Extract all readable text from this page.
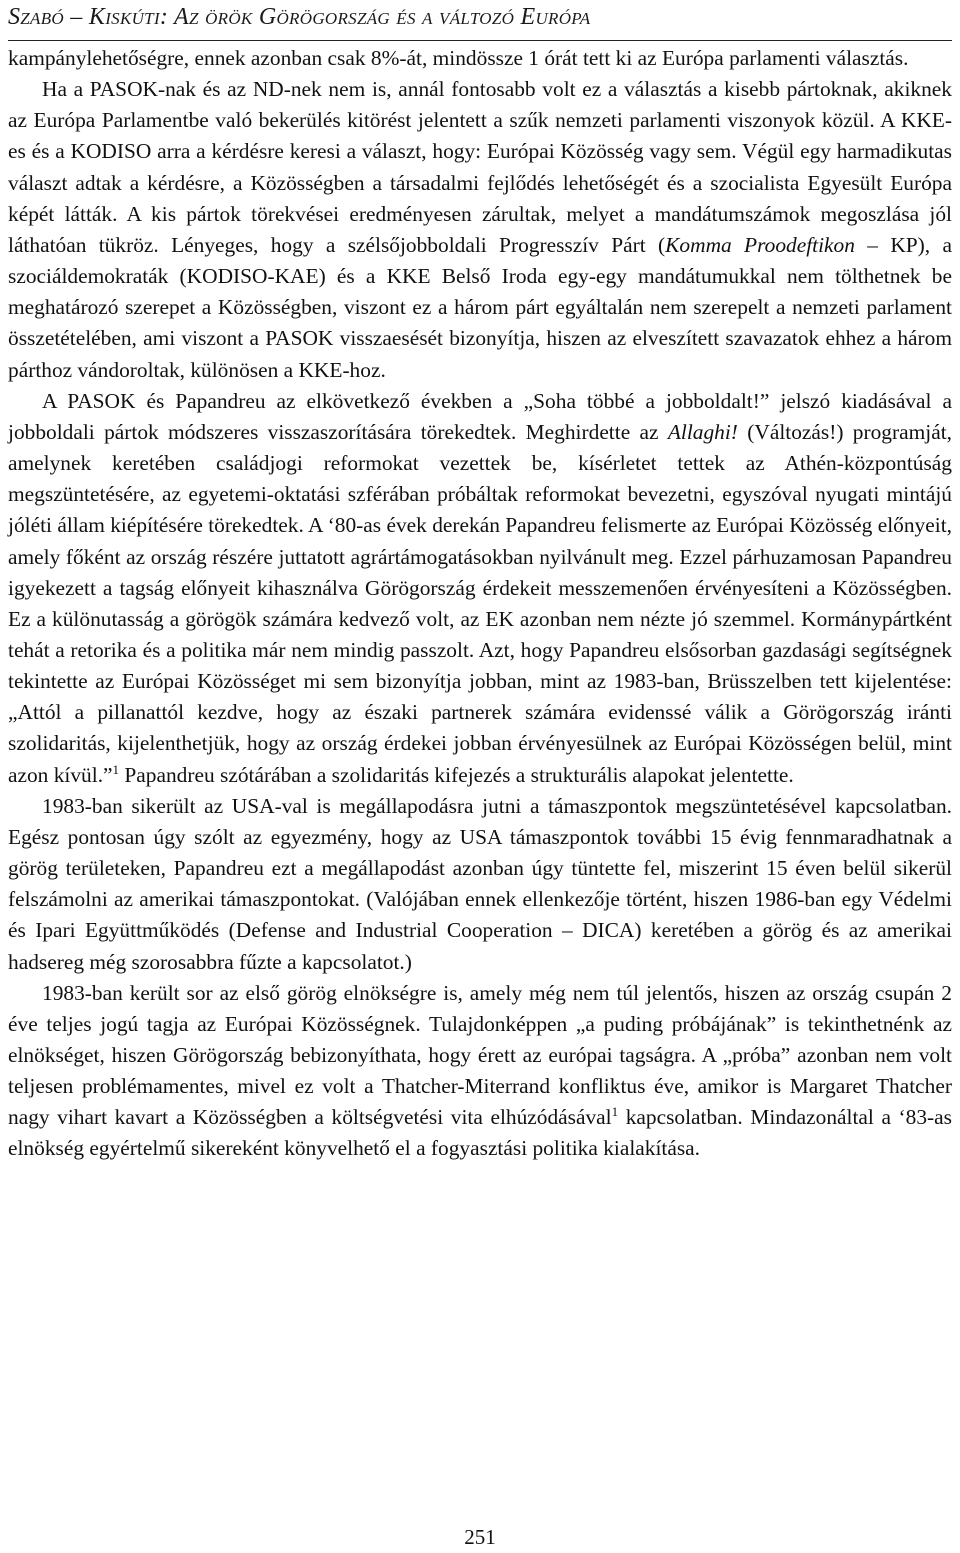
Szabó – Kiskúti: Az örök Görögország és a változó Európa

kampánylehetőségre, ennek azonban csak 8%-át, mindössze 1 órát tett ki az Európa parlamenti választás.

Ha a PASOK-nak és az ND-nek nem is, annál fontosabb volt ez a választás a kisebb pártoknak, akiknek az Európa Parlamentbe való bekerülés kitörést jelentett a szűk nemzeti parlamenti viszonyok közül. A KKE-es és a KODISO arra a kérdésre keresi a választ, hogy: Európai Közösség vagy sem. Végül egy harmadikutas választ adtak a kérdésre, a Közösségben a társadalmi fejlődés lehetőségét és a szocialista Egyesült Európa képét látták. A kis pártok törekvései eredményesen zárultak, melyet a mandátumszámok megoszlása jól láthatóan tükröz. Lényeges, hogy a szélsőjobboldali Progresszív Párt (Komma Proodeftikon – KP), a szociáldemokraták (KODISO-KAE) és a KKE Belső Iroda egy-egy mandátumukkal nem tölthetnek be meghatározó szerepet a Közösségben, viszont ez a három párt egyáltalán nem szerepelt a nemzeti parlament összetételében, ami viszont a PASOK visszaesését bizonyítja, hiszen az elveszített szavazatok ehhez a három párthoz vándoroltak, különösen a KKE-hoz.

A PASOK és Papandreu az elkövetkező években a „Soha többé a jobboldalt!” jelszó kiadásával a jobboldali pártok módszeres visszaszorítására törekedtek. Meghirdette az Allaghi! (Változás!) programját, amelynek keretében családjogi reformokat vezettek be, kísérletet tettek az Athén-központúság megszüntetésére, az egyetemi-oktatási szférában próbáltak reformokat bevezetni, egyszóval nyugati mintájú jóléti állam kiépítésére törekedtek. A ‘80-as évek derekán Papandreu felismerte az Európai Közösség előnyeit, amely főként az ország részére juttatott agrártámogatásokban nyilvánult meg. Ezzel párhuzamosan Papandreu igyekezett a tagság előnyeit kihasználva Görögország érdekeit messzemenően érvényesíteni a Közösségben. Ez a különutasság a görögök számára kedvező volt, az EK azonban nem nézte jó szemmel. Kormánypártként tehát a retorika és a politika már nem mindig passzolt. Azt, hogy Papandreu elsősorban gazdasági segítségnek tekintette az Európai Közösséget mi sem bizonyítja jobban, mint az 1983-ban, Brüsszelben tett kijelentése: „Attól a pillanattól kezdve, hogy az északi partnerek számára evidenssé válik a Görögország iránti szolidaritás, kijelenthetjük, hogy az ország érdekei jobban érvényesülnek az Európai Közösségen belül, mint azon kívül.”$^1$ Papandreu szótárában a szolidaritás kifejezés a strukturális alapokat jelentette.

1983-ban sikerült az USA-val is megállapodásra jutni a támaszpontok megszüntetésével kapcsolatban. Egész pontosan úgy szólt az egyezmény, hogy az USA támaszpontok további 15 évig fennmaradhatnak a görög területeken, Papandreu ezt a megállapodást azonban úgy tüntette fel, miszerint 15 éven belül sikerül felszámolni az amerikai támaszpontokat. (Valójában ennek ellenkezője történt, hiszen 1986-ban egy Védelmi és Ipari Együttműködés (Defense and Industrial Cooperation – DICA) keretében a görög és az amerikai hadsereg még szorosabbra fűzte a kapcsolatot.)

1983-ban került sor az első görög elnökségre is, amely még nem túl jelentős, hiszen az ország csupán 2 éve teljes jogú tagja az Európai Közösségnek. Tulajdonképpen „a puding próbájának” is tekinthetnénk az elnökséget, hiszen Görögország bebizonyíthata, hogy érett az európai tagságra. A „próba” azonban nem volt teljesen problémamentes, mivel ez volt a Thatcher-Miterrand konfliktus éve, amikor is Margaret Thatcher nagy vihart kavart a Közösségben a költségvetési vita elhúzódásával$^1$ kapcsolatban. Mindazonáltal a ‘83-as elnökség egyértelmű sikereként könyvelhető el a fogyasztási politika kialakítása.

251
